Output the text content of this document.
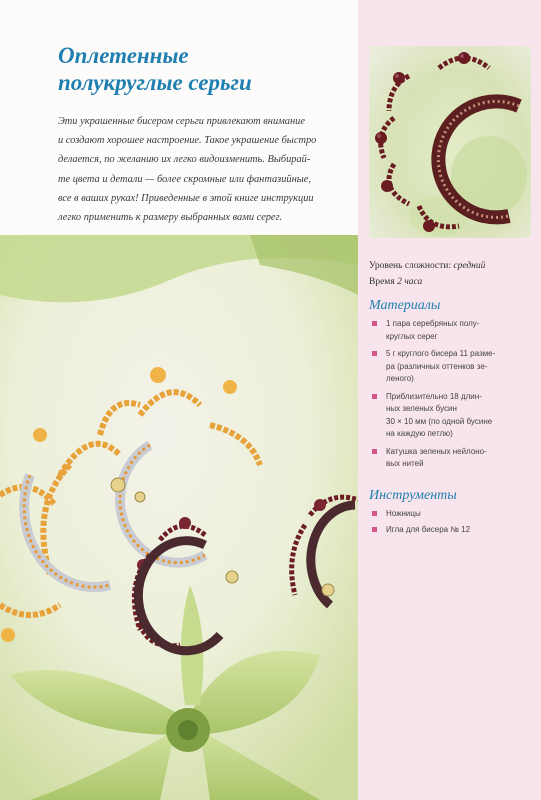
Оплетенные
полукруглые серьги

Эти украшенные бисером серьги привлекают внимание
и создают хорошее настроение. Такое украшение быстро
делается, по желанию их легко видоизменить. Выбирай-
те цвета и детали — более скромные или фантазийные,
все в ваших руках! Приведенные в этой книге инструкции
легко применить к размеру выбранных вами серег.

Уровень сложности: средний
Время 2 часа
Материалы
1 пара серебряных полу-
круглых серег
5 г круглого бисера 11 разме-
ра (различных оттенков зе-
леного)
Приблизительно 18 длин-
ных зеленых бусин
30 × 10 мм (по одной бусине
на каждую петлю)
Катушка зеленых нейлоно-
вых нитей
Инструменты
Ножницы
Игла для бисера № 12
